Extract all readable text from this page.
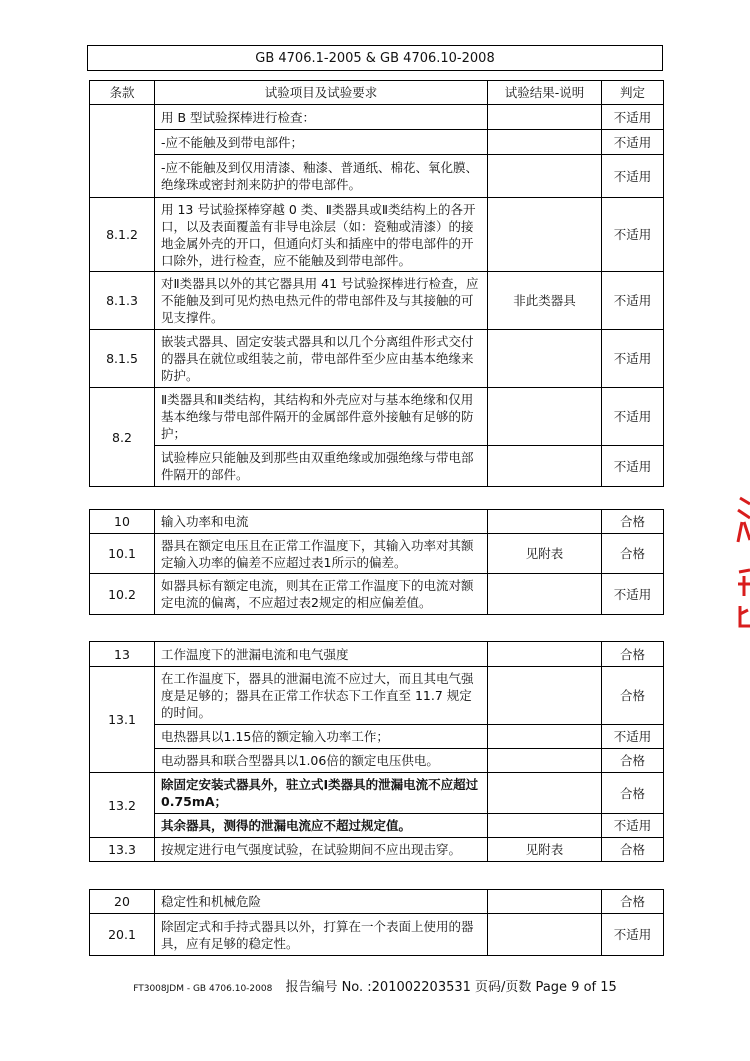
GB 4706.1-2005 & GB 4706.10-2008
条款	试验项目及试验要求	试验结果-说明	判定
	用 B 型试验探棒进行检查：		不适用
	-应不能触及到带电部件；		不适用
	-应不能触及到仅用清漆、釉漆、普通纸、棉花、氧化膜、绝缘珠或密封剂来防护的带电部件。		不适用
8.1.2	用 13 号试验探棒穿越 0 类、Ⅱ类器具或Ⅱ类结构上的各开口，以及表面覆盖有非导电涂层（如：瓷釉或清漆）的接地金属外壳的开口，但通向灯头和插座中的带电部件的开口除外，进行检查，应不能触及到带电部件。		不适用
8.1.3	对Ⅱ类器具以外的其它器具用 41 号试验探棒进行检查，应不能触及到可见灼热电热元件的带电部件及与其接触的可见支撑件。	非此类器具	不适用
8.1.5	嵌装式器具、固定安装式器具和以几个分离组件形式交付的器具在就位或组装之前，带电部件至少应由基本绝缘来防护。		不适用
8.2	Ⅱ类器具和Ⅱ类结构，其结构和外壳应对与基本绝缘和仅用基本绝缘与带电部件隔开的金属部件意外接触有足够的防护；		不适用
	试验棒应只能触及到那些由双重绝缘或加强绝缘与带电部件隔开的部件。		不适用
10	输入功率和电流		合格
10.1	器具在额定电压且在正常工作温度下，其输入功率对其额定输入功率的偏差不应超过表1所示的偏差。	见附表	合格
10.2	如器具标有额定电流，则其在正常工作温度下的电流对额定电流的偏离，不应超过表2规定的相应偏差值。		不适用
13	工作温度下的泄漏电流和电气强度		合格
13.1	在工作温度下，器具的泄漏电流不应过大，而且其电气强度是足够的；器具在正常工作状态下工作直至 11.7 规定的时间。		合格
	电热器具以1.15倍的额定输入功率工作；		不适用
	电动器具和联合型器具以1.06倍的额定电压供电。		合格
13.2	除固定安装式器具外，驻立式Ⅰ类器具的泄漏电流不应超过0.75mA；		合格
	其余器具，测得的泄漏电流应不超过规定值。		不适用
13.3	按规定进行电气强度试验，在试验期间不应出现击穿。	见附表	合格
20	稳定性和机械危险		合格
20.1	除固定式和手持式器具以外，打算在一个表面上使用的器具，应有足够的稳定性。		不适用
FT3008JDM - GB 4706.10-2008 报告编号 No. :201002203531 页码/页数 Page 9 of 15
